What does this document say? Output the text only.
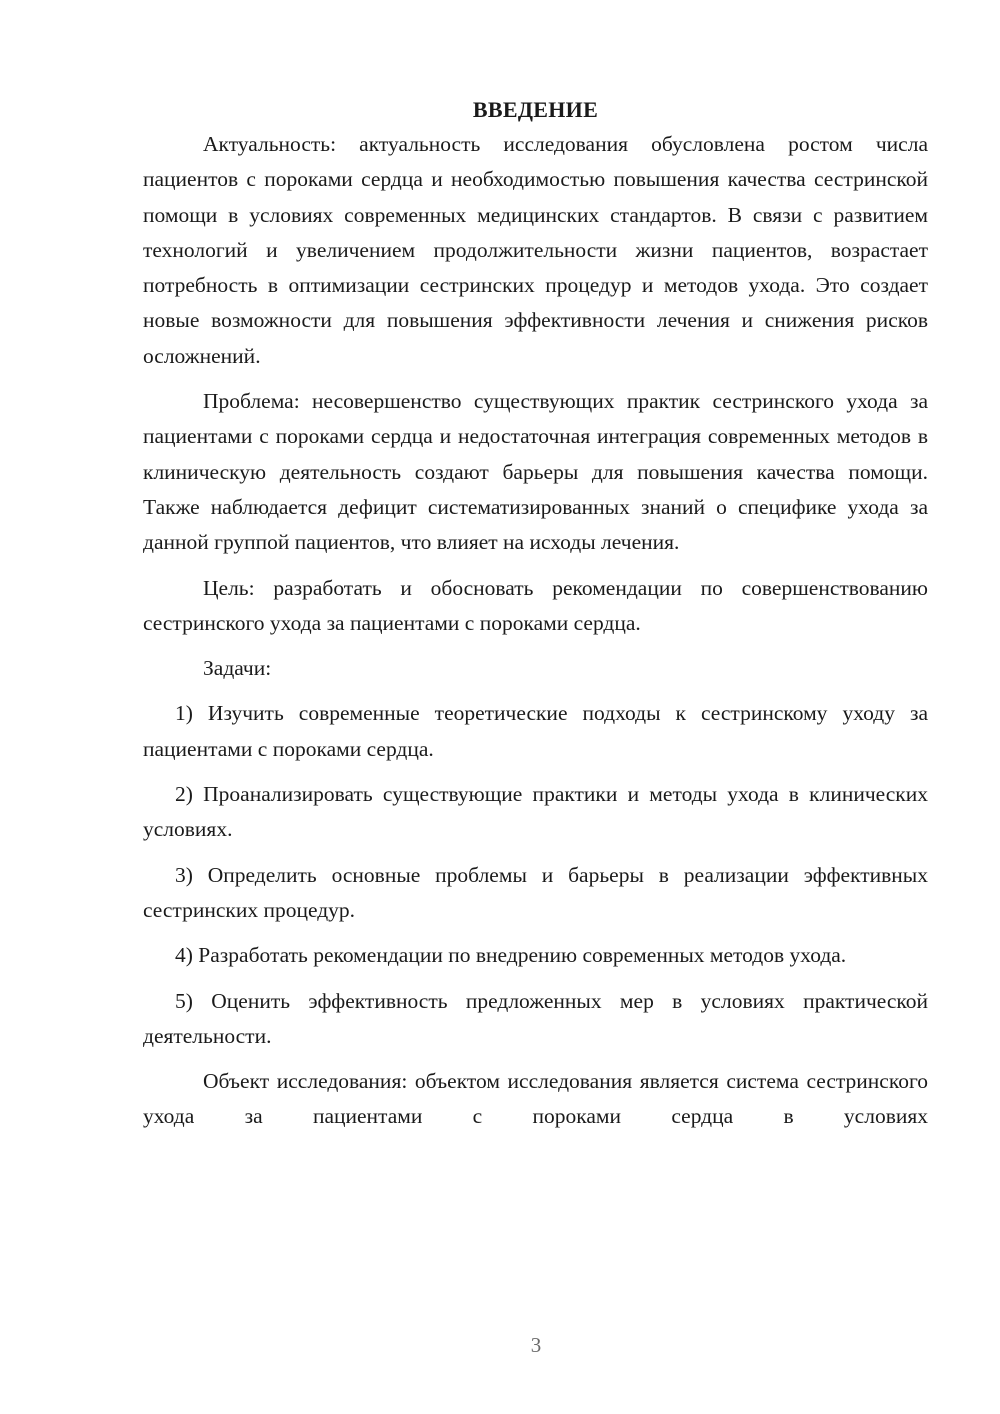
ВВЕДЕНИЕ

Актуальность: актуальность исследования обусловлена ростом числа пациентов с пороками сердца и необходимостью повышения качества сестринской помощи в условиях современных медицинских стандартов. В связи с развитием технологий и увеличением продолжительности жизни пациентов, возрастает потребность в оптимизации сестринских процедур и методов ухода. Это создает новые возможности для повышения эффективности лечения и снижения рисков осложнений.

Проблема: несовершенство существующих практик сестринского ухода за пациентами с пороками сердца и недостаточная интеграция современных методов в клиническую деятельность создают барьеры для повышения качества помощи. Также наблюдается дефицит систематизированных знаний о специфике ухода за данной группой пациентов, что влияет на исходы лечения.

Цель: разработать и обосновать рекомендации по совершенствованию сестринского ухода за пациентами с пороками сердца.

Задачи:

1) Изучить современные теоретические подходы к сестринскому уходу за пациентами с пороками сердца.

2) Проанализировать существующие практики и методы ухода в клинических условиях.

3) Определить основные проблемы и барьеры в реализации эффективных сестринских процедур.

4) Разработать рекомендации по внедрению современных методов ухода.

5) Оценить эффективность предложенных мер в условиях практической деятельности.

Объект исследования: объектом исследования является система сестринского ухода за пациентами с пороками сердца в условиях

3
